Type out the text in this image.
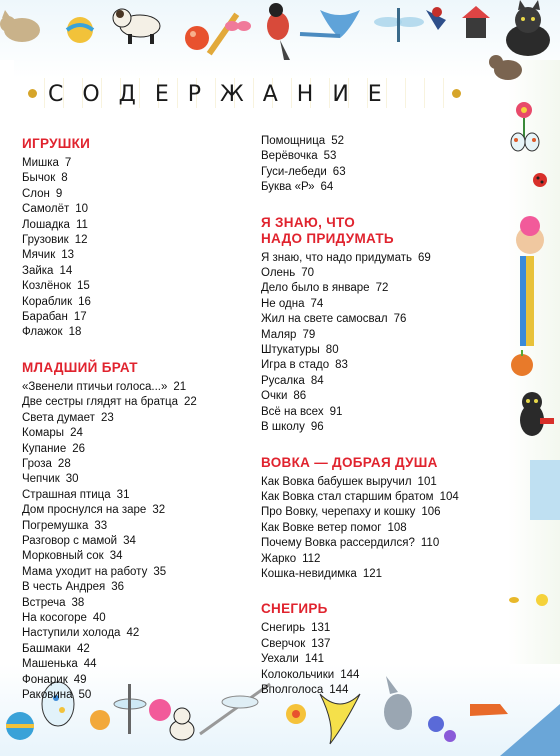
СОДЕРЖАНИЕ
ИГРУШКИ
Мишка 7
Бычок 8
Слон 9
Самолёт 10
Лошадка 11
Грузовик 12
Мячик 13
Зайка 14
Козлёнок 15
Кораблик 16
Барабан 17
Флажок 18
МЛАДШИЙ БРАТ
«Звенели птичьи голоса...» 21
Две сестры глядят на братца 22
Света думает 23
Комары 24
Купание 26
Гроза 28
Чепчик 30
Страшная птица 31
Дом проснулся на заре 32
Погремушка 33
Разговор с мамой 34
Морковный сок 34
Мама уходит на работу 35
В честь Андрея 36
Встреча 38
На косогоре 40
Наступили холода 42
Башмаки 42
Машенька 44
Фонарик 49
Раковина 50
Помощница 52
Верёвочка 53
Гуси-лебеди 63
Буква «Р» 64
Я ЗНАЮ, ЧТО
НАДО ПРИДУМАТЬ
Я знаю, что надо придумать 69
Олень 70
Дело было в январе 72
Не одна 74
Жил на свете самосвал 76
Маляр 79
Штукатуры 80
Игра в стадо 83
Русалка 84
Очки 86
Всё на всех 91
В школу 96
ВОВКА — ДОБРАЯ ДУША
Как Вовка бабушек выручил 101
Как Вовка стал старшим братом 104
Про Вовку, черепаху и кошку 106
Как Вовке ветер помог 108
Почему Вовка рассердился? 110
Жарко 112
Кошка-невидимка 121
СНЕГИРЬ
Снегирь 131
Сверчок 137
Уехали 141
Колокольчики 144
Вполголоса 144
